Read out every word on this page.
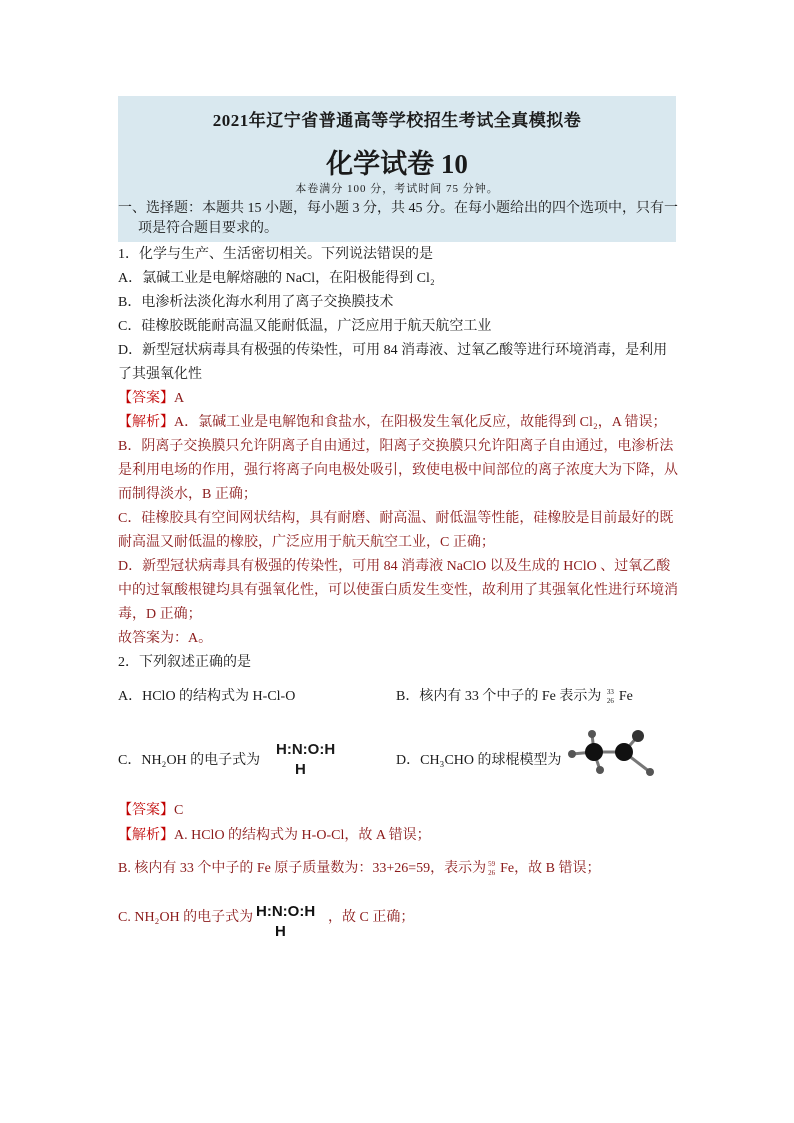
2021年辽宁省普通高等学校招生考试全真模拟卷
化学试卷 10
本卷满分 100 分，考试时间 75 分钟。
一、选择题：本题共 15 小题，每小题 3 分，共 45 分。在每小题给出的四个选项中，只有一
项是符合题目要求的。
1．化学与生产、生活密切相关。下列说法错误的是
A．氯碱工业是电解熔融的 NaCl，在阳极能得到 Cl₂
B．电渗析法淡化海水利用了离子交换膜技术
C．硅橡胶既能耐高温又能耐低温，广泛应用于航天航空工业
D．新型冠状病毒具有极强的传染性，可用 84 消毒液、过氧乙酸等进行环境消毒，是利用
了其强氧化性
【答案】A
【解析】A．氯碱工业是电解饱和食盐水，在阳极发生氧化反应，故能得到 Cl₂，A 错误；
B．阴离子交换膜只允许阴离子自由通过，阳离子交换膜只允许阳离子自由通过，电渗析法
是利用电场的作用，强行将离子向电极处吸引，致使电极中间部位的离子浓度大为下降，从
而制得淡水，B 正确；
C．硅橡胶具有空间网状结构，具有耐磨、耐高温、耐低温等性能，硅橡胶是目前最好的既
耐高温又耐低温的橡胶，广泛应用于航天航空工业，C 正确；
D．新型冠状病毒具有极强的传染性，可用 84 消毒液 NaClO 以及生成的 HClO 、过氧乙酸
中的过氧酸根键均具有强氧化性，可以使蛋白质发生变性，故利用了其强氧化性进行环境消
毒，D 正确；
故答案为：A。
2．下列叙述正确的是
A．HClO 的结构式为 H-Cl-O	B．核内有 33 个中子的 Fe 表示为 33
26 Fe
C．NH₂OH 的电子式为
H:N:O:H
H
D．CH₃CHO 的球棍模型为
【答案】C
【解析】A. HClO 的结构式为 H-O-Cl，故 A 错误；
B. 核内有 33 个中子的 Fe 原子质量数为：33+26=59，表示为 59
26 Fe，故 B 错误；
C. NH₂OH 的电子式为 H:N:O:H
H
，故 C 正确；
